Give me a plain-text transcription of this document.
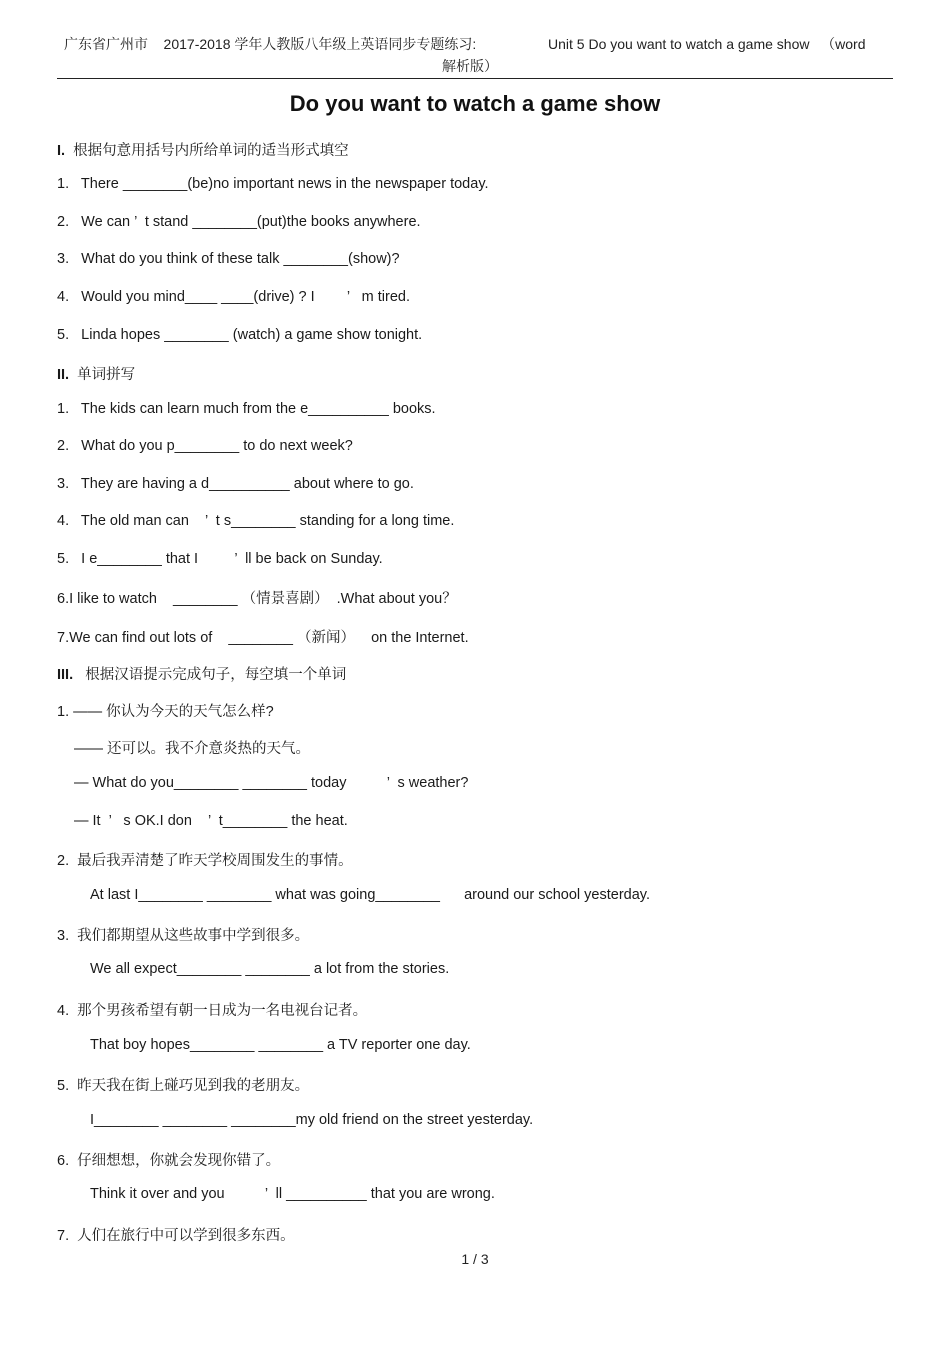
广东省广州市    2017-2018 学年人教版八年级上英语同步专题练习:	Unit 5 Do you want to watch a game show   （word
解析版）
Do you want to watch a game show
I. 根据句意用括号内所给单词的适当形式填空
1.   There ________(be)no important news in the newspaper today.
2.   We can ’  t stand ________(put)the books anywhere.
3.   What do you think of these talk ________(show)?
4.   Would you mind____ ____(drive) ? I        ’   m tired.
5.   Linda hopes ________ (watch) a game show tonight.
II. 单词拼写
1.   The kids can learn much from the e__________ books.
2.   What do you p________ to do next week?
3.   They are having a d__________ about where to go.
4.   The old man can    ’  t s________ standing for a long time.
5.   I e________ that I         ’  ll be back on Sunday.
6.I like to watch    ________ （情景喜剧）  .What about you？
7.We can find out lots of    ________ （新闻）    on the Internet.
III. 根据汉语提示完成句子，每空填一个单词
1. —— 你认为今天的天气怎么样?
—— 还可以。我不介意炎热的天气。
— What do you________ ________ today          ’  s weather?
— It  ’   s OK.I don    ’  t________ the heat.
2.  最后我弄清楚了昨天学校周围发生的事情。
At last I________ ________ what was going________      around our school yesterday.
3.  我们都期望从这些故事中学到很多。
We all expect________ ________ a lot from the stories.
4.  那个男孩希望有朝一日成为一名电视台记者。
That boy hopes________ ________ a TV reporter one day.
5.  昨天我在街上碰巧见到我的老朋友。
I________ ________ ________my old friend on the street yesterday.
6.  仔细想想，你就会发现你错了。
Think it over and you          ’  ll __________ that you are wrong.
7.  人们在旅行中可以学到很多东西。
1 / 3
